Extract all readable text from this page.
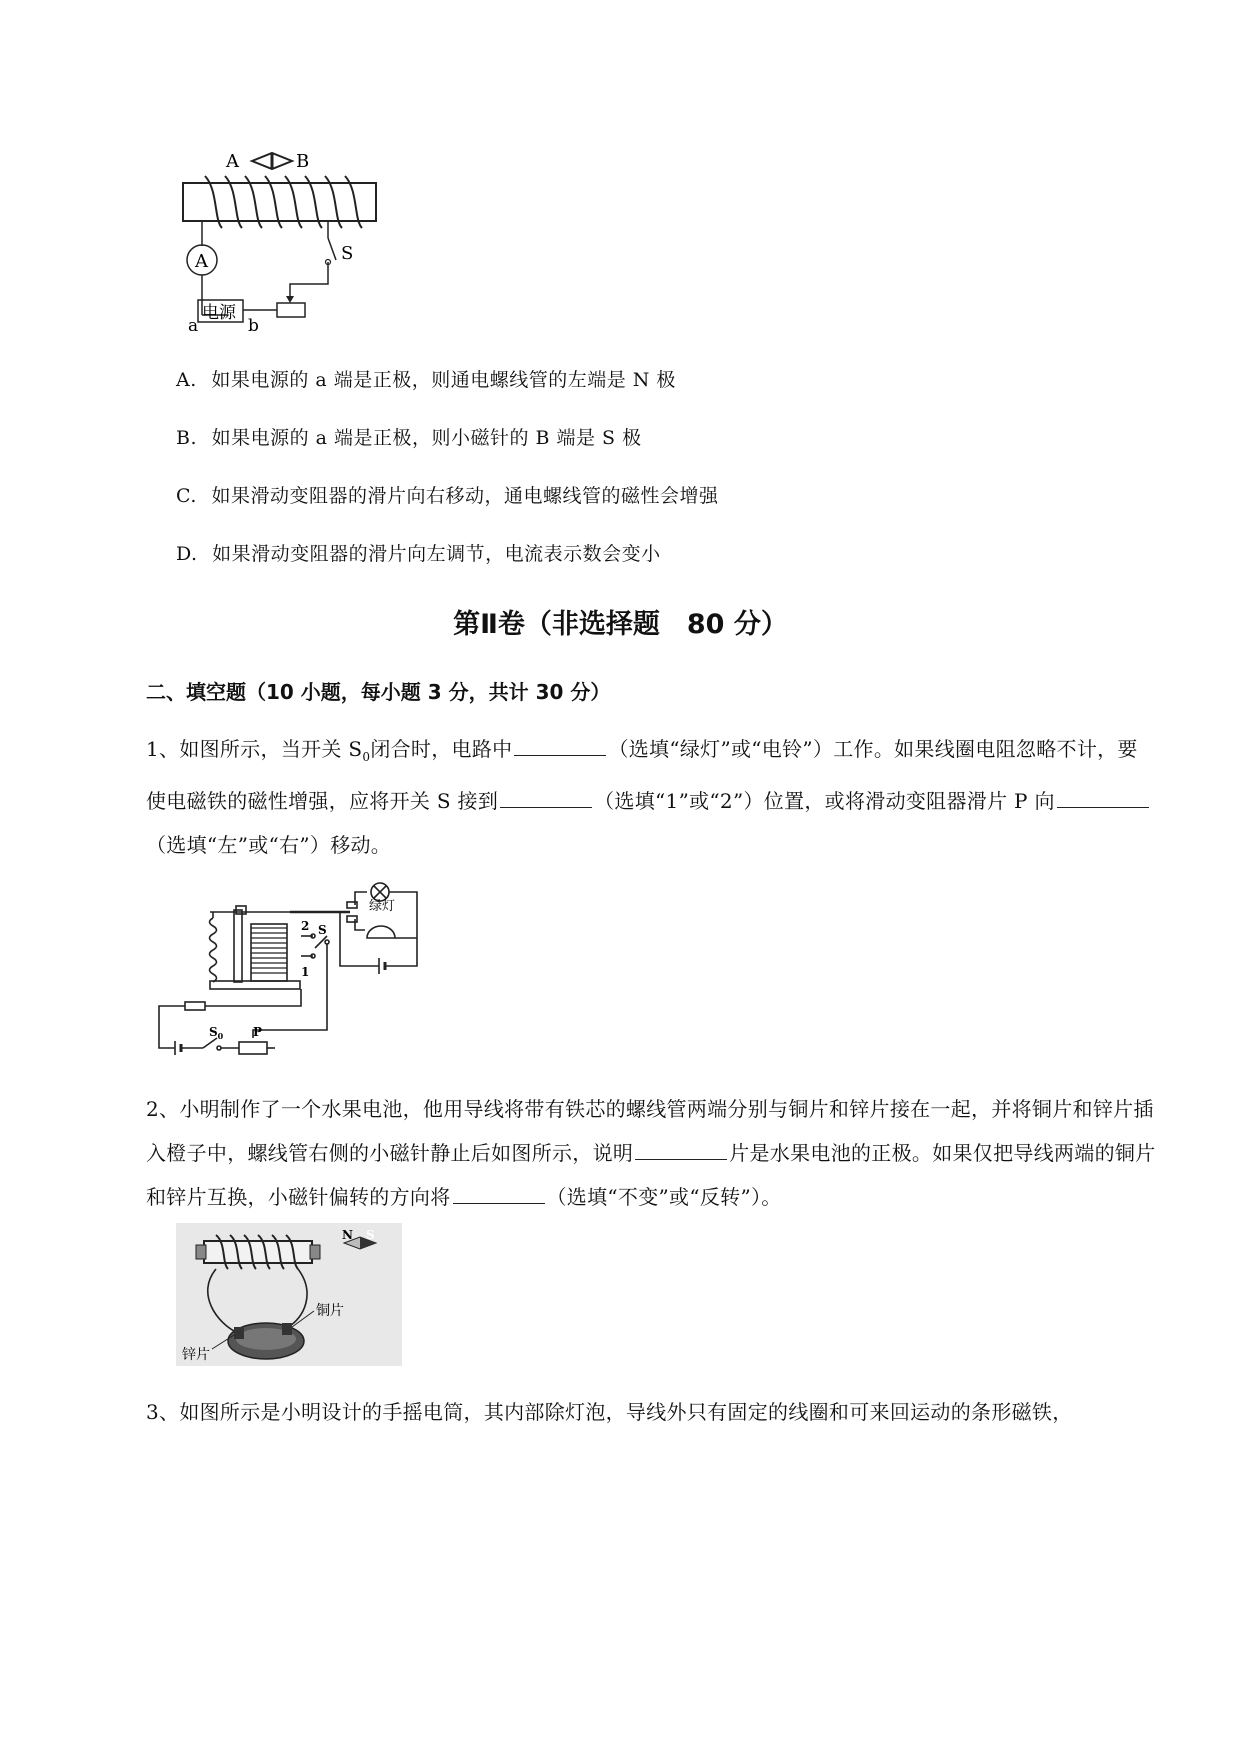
A	B
A
电源
a	b
S
A. 如果电源的 a 端是正极，则通电螺线管的左端是 N 极
B. 如果电源的 a 端是正极，则小磁针的 B 端是 S 极
C. 如果滑动变阻器的滑片向右移动，通电螺线管的磁性会增强
D. 如果滑动变阻器的滑片向左调节，电流表示数会变小
第Ⅱ卷（非选择题　80 分）
二、填空题（10 小题，每小题 3 分，共计 30 分）
1、如图所示，当开关 $S_0$闭合时，电路中	（选填“绿灯”或“电铃”）工作。如果线圈电阻忽略不计，要使电磁铁的磁性增强，应将开关 S 接到	（选填“1”或“2”）位置，或将滑动变阻器滑片 P 向（选填“左”或“右”）移动。
绿灯
2
1
S
$S_0$ P
2、小明制作了一个水果电池，他用导线将带有铁芯的螺线管两端分别与铜片和锌片接在一起，并将铜片和锌片插入橙子中，螺线管右侧的小磁针静止后如图所示，说明	片是水果电池的正极。如果仅把导线两端的铜片和锌片互换，小磁针偏转的方向将	（选填“不变”或“反转”）。
N S
铜片
锌片
3、如图所示是小明设计的手摇电筒，其内部除灯泡，导线外只有固定的线圈和可来回运动的条形磁铁，
